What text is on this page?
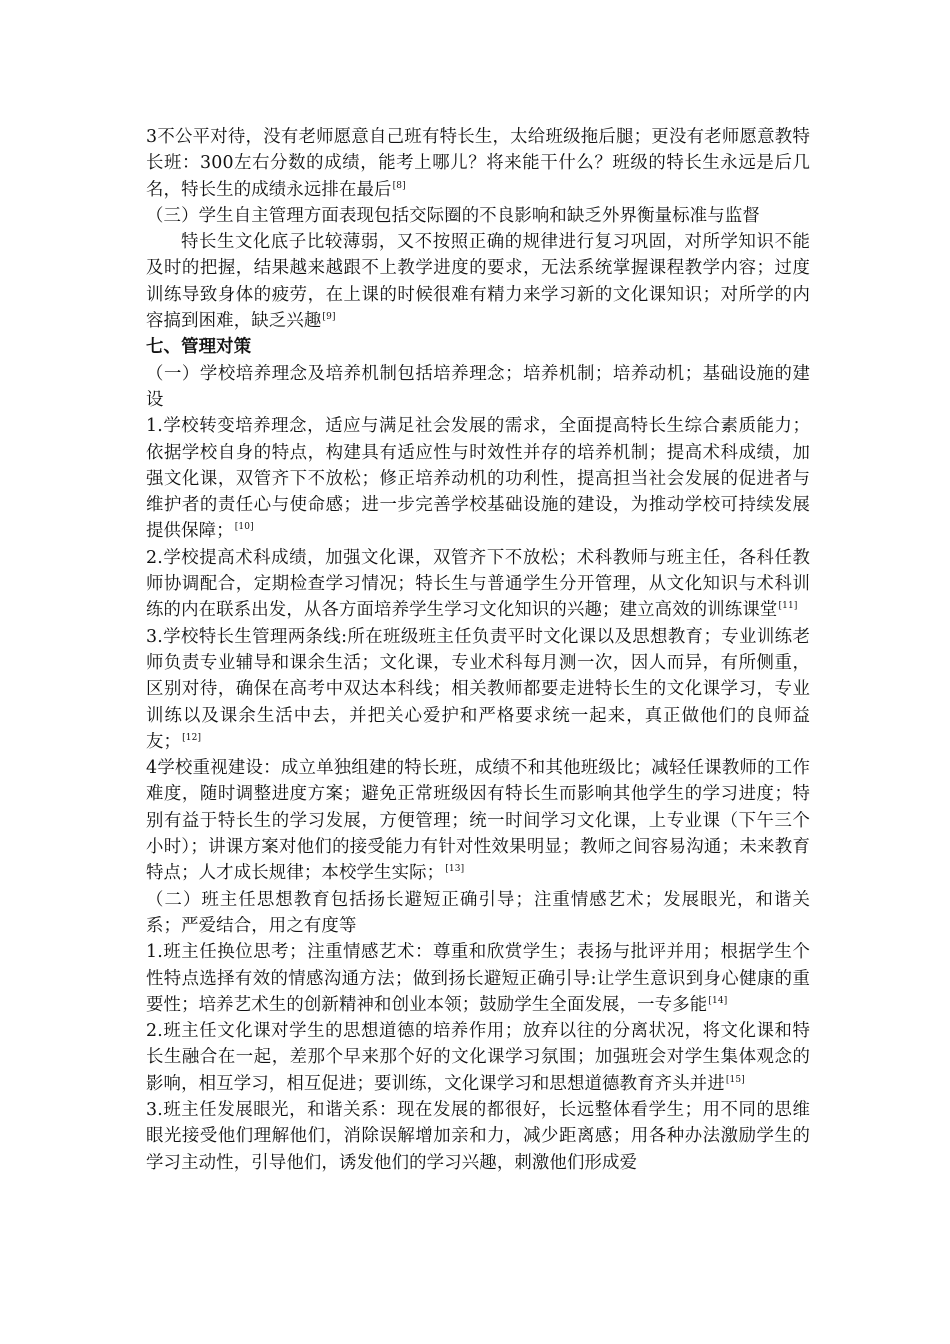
3不公平对待，没有老师愿意自己班有特长生，太给班级拖后腿；更没有老师愿意教特长班：300左右分数的成绩，能考上哪儿？将来能干什么？班级的特长生永远是后几名，特长生的成绩永远排在最后[8]

（三）学生自主管理方面表现包括交际圈的不良影响和缺乏外界衡量标准与监督

特长生文化底子比较薄弱，又不按照正确的规律进行复习巩固，对所学知识不能及时的把握，结果越来越跟不上教学进度的要求，无法系统掌握课程教学内容；过度训练导致身体的疲劳，在上课的时候很难有精力来学习新的文化课知识；对所学的内容搞到困难，缺乏兴趣[9]

七、管理对策

（一）学校培养理念及培养机制包括培养理念；培养机制；培养动机；基础设施的建设

1.学校转变培养理念，适应与满足社会发展的需求，全面提高特长生综合素质能力；依据学校自身的特点，构建具有适应性与时效性并存的培养机制；提高术科成绩，加强文化课，双管齐下不放松；修正培养动机的功利性，提高担当社会发展的促进者与维护者的责任心与使命感；进一步完善学校基础设施的建设，为推动学校可持续发展提供保障；[10]

2.学校提高术科成绩，加强文化课，双管齐下不放松；术科教师与班主任，各科任教师协调配合，定期检查学习情况；特长生与普通学生分开管理，从文化知识与术科训练的内在联系出发，从各方面培养学生学习文化知识的兴趣；建立高效的训练课堂[11]

3.学校特长生管理两条线:所在班级班主任负责平时文化课以及思想教育；专业训练老师负责专业辅导和课余生活；文化课，专业术科每月测一次，因人而异，有所侧重，区别对待，确保在高考中双达本科线；相关教师都要走进特长生的文化课学习，专业训练以及课余生活中去，并把关心爱护和严格要求统一起来，真正做他们的良师益友；[12]

4学校重视建设：成立单独组建的特长班，成绩不和其他班级比；减轻任课教师的工作难度，随时调整进度方案；避免正常班级因有特长生而影响其他学生的学习进度；特别有益于特长生的学习发展，方便管理；统一时间学习文化课，上专业课（下午三个小时）；讲课方案对他们的接受能力有针对性效果明显；教师之间容易沟通；未来教育特点；人才成长规律；本校学生实际；[13]

（二）班主任思想教育包括扬长避短正确引导；注重情感艺术；发展眼光，和谐关系；严爱结合，用之有度等

1.班主任换位思考；注重情感艺术：尊重和欣赏学生；表扬与批评并用；根据学生个性特点选择有效的情感沟通方法；做到扬长避短正确引导:让学生意识到身心健康的重要性；培养艺术生的创新精神和创业本领；鼓励学生全面发展，一专多能[14]

2.班主任文化课对学生的思想道德的培养作用；放弃以往的分离状况，将文化课和特长生融合在一起，差那个早来那个好的文化课学习氛围；加强班会对学生集体观念的影响，相互学习，相互促进；要训练，文化课学习和思想道德教育齐头并进[15]

3.班主任发展眼光，和谐关系：现在发展的都很好，长远整体看学生；用不同的思维眼光接受他们理解他们，消除误解增加亲和力，减少距离感；用各种办法激励学生的学习主动性，引导他们，诱发他们的学习兴趣，刺激他们形成爱
